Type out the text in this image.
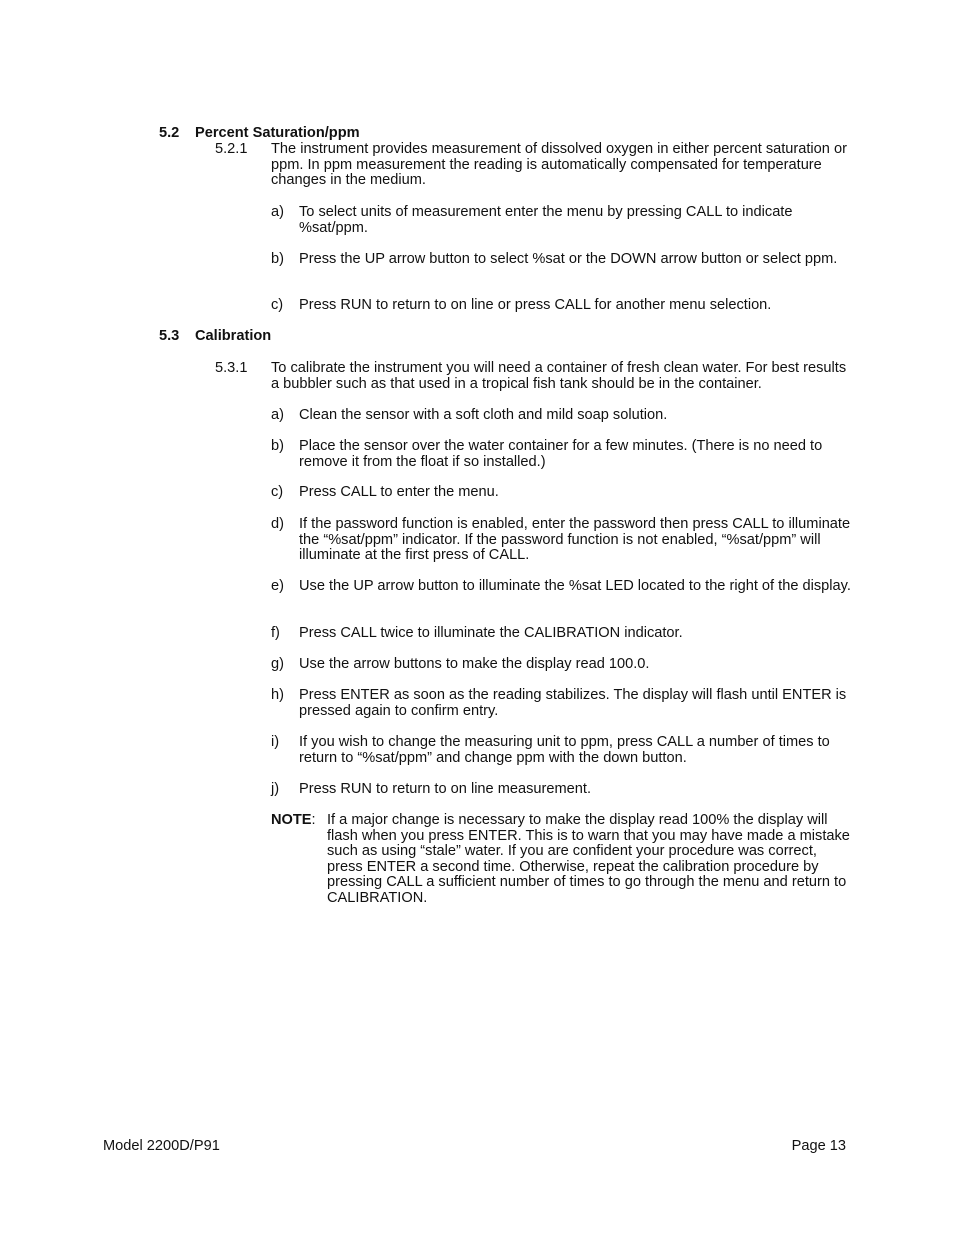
5.2 Percent Saturation/ppm
5.2.1 The instrument provides measurement of dissolved oxygen in either percent saturation or ppm. In ppm measurement the reading is automatically compensated for temperature changes in the medium.
a) To select units of measurement enter the menu by pressing CALL to indicate %sat/ppm.
b) Press the UP arrow button to select %sat or the DOWN arrow button or select ppm.
c) Press RUN to return to on line or press CALL for another menu selection.
5.3 Calibration
5.3.1 To calibrate the instrument you will need a container of fresh clean water. For best results a bubbler such as that used in a tropical fish tank should be in the container.
a) Clean the sensor with a soft cloth and mild soap solution.
b) Place the sensor over the water container for a few minutes. (There is no need to remove it from the float if so installed.)
c) Press CALL to enter the menu.
d) If the password function is enabled, enter the password then press CALL to illuminate the “%sat/ppm” indicator. If the password function is not enabled, “%sat/ppm” will illuminate at the first press of CALL.
e) Use the UP arrow button to illuminate the %sat LED located to the right of the display.
f) Press CALL twice to illuminate the CALIBRATION indicator.
g) Use the arrow buttons to make the display read 100.0.
h) Press ENTER as soon as the reading stabilizes. The display will flash until ENTER is pressed again to confirm entry.
i) If you wish to change the measuring unit to ppm, press CALL a number of times to return to “%sat/ppm” and change ppm with the down button.
j) Press RUN to return to on line measurement.
NOTE: If a major change is necessary to make the display read 100% the display will flash when you press ENTER. This is to warn that you may have made a mistake such as using “stale” water. If you are confident your procedure was correct, press ENTER a second time. Otherwise, repeat the calibration procedure by pressing CALL a sufficient number of times to go through the menu and return to CALIBRATION.
Model 2200D/P91	Page 13
